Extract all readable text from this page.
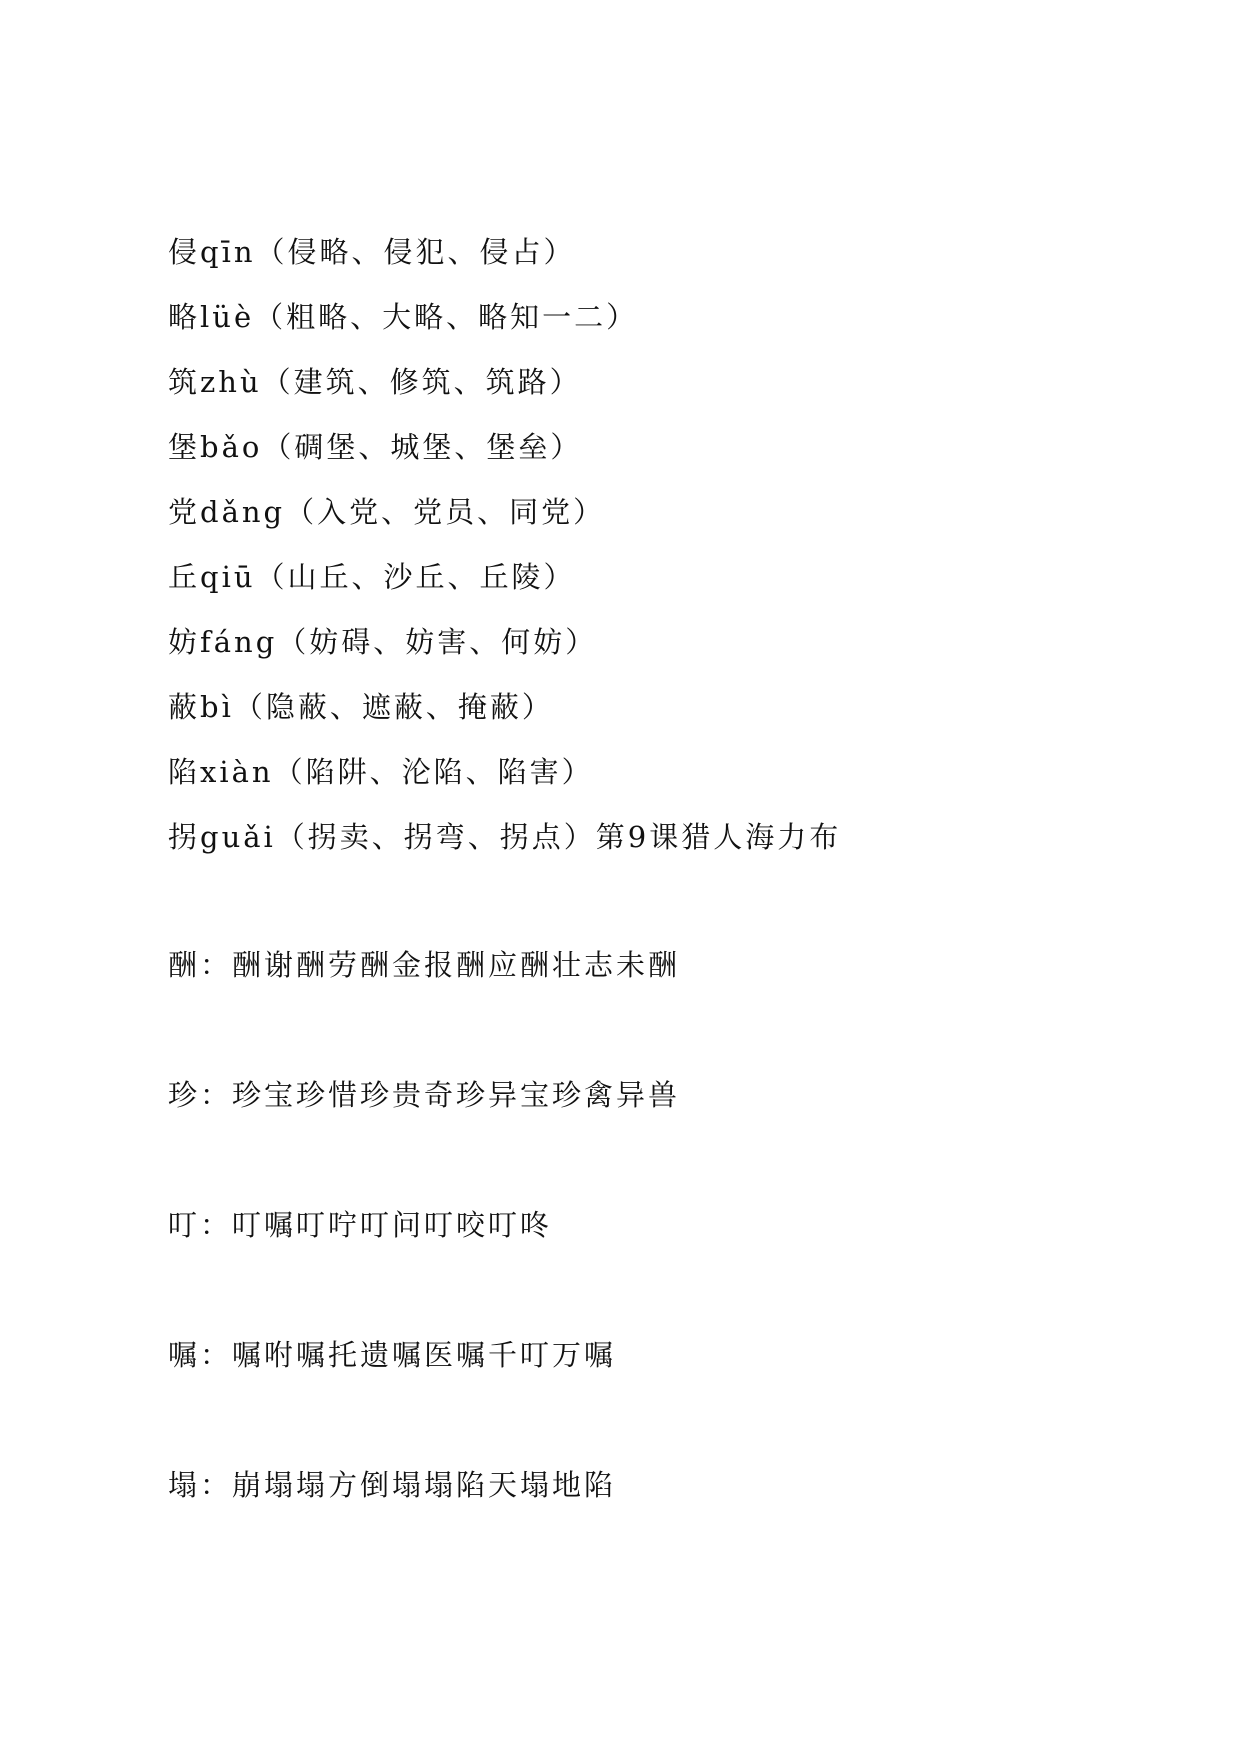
侵qīn（侵略、侵犯、侵占）
略lüè（粗略、大略、略知一二）
筑zhù（建筑、修筑、筑路）
堡bǎo（碉堡、城堡、堡垒）
党dǎng（入党、党员、同党）
丘qiū（山丘、沙丘、丘陵）
妨fáng（妨碍、妨害、何妨）
蔽bì（隐蔽、遮蔽、掩蔽）
陷xiàn（陷阱、沦陷、陷害）
拐guǎi（拐卖、拐弯、拐点）第9课猎人海力布
酬：酬谢酬劳酬金报酬应酬壮志未酬
珍：珍宝珍惜珍贵奇珍异宝珍禽异兽
叮：叮嘱叮咛叮问叮咬叮咚
嘱：嘱咐嘱托遗嘱医嘱千叮万嘱
塌：崩塌塌方倒塌塌陷天塌地陷
